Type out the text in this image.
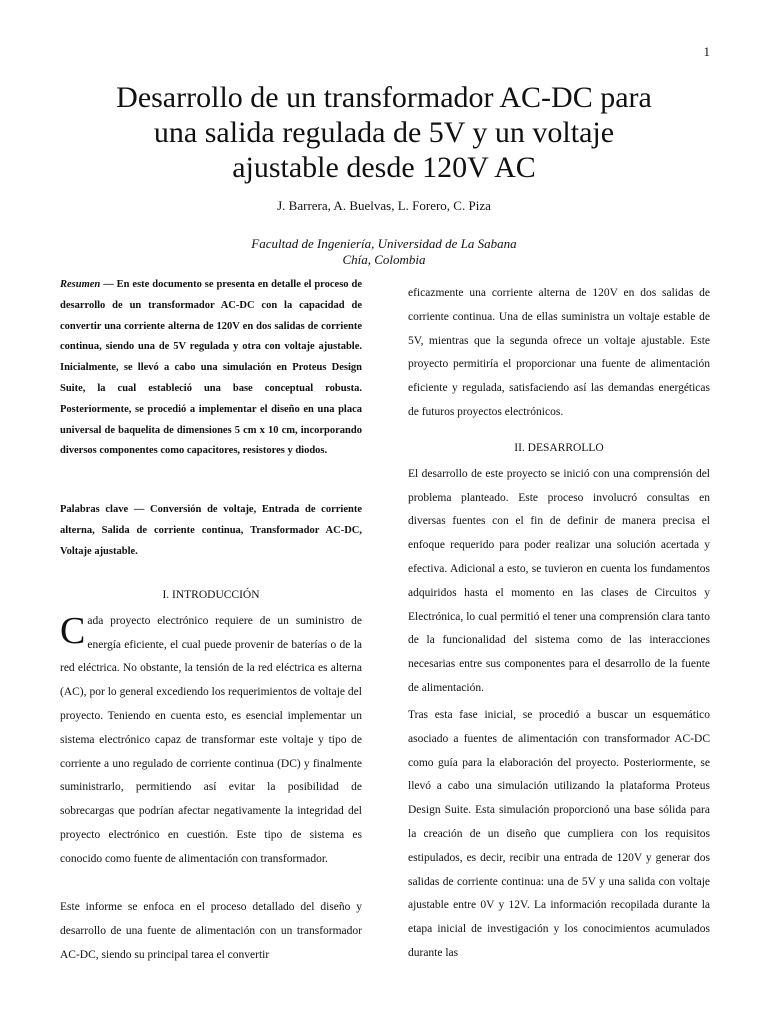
1
Desarrollo de un transformador AC-DC para
una salida regulada de 5V y un voltaje
ajustable desde 120V AC
J. Barrera, A. Buelvas, L. Forero, C. Piza
Facultad de Ingeniería, Universidad de La Sabana
Chía, Colombia

Resumen — En este documento se presenta en detalle el proceso de desarrollo de un transformador AC-DC con la capacidad de convertir una corriente alterna de 120V en dos salidas de corriente continua, siendo una de 5V regulada y otra con voltaje ajustable. Inicialmente, se llevó a cabo una simulación en Proteus Design Suite, la cual estableció una base conceptual robusta. Posteriormente, se procedió a implementar el diseño en una placa universal de baquelita de dimensiones 5 cm x 10 cm, incorporando diversos componentes como capacitores, resistores y diodos.

Palabras clave — Conversión de voltaje, Entrada de corriente alterna, Salida de corriente continua, Transformador AC-DC, Voltaje ajustable.

I. INTRODUCCIÓN

Cada proyecto electrónico requiere de un suministro de energía eficiente, el cual puede provenir de baterías o de la red eléctrica. No obstante, la tensión de la red eléctrica es alterna (AC), por lo general excediendo los requerimientos de voltaje del proyecto. Teniendo en cuenta esto, es esencial implementar un sistema electrónico capaz de transformar este voltaje y tipo de corriente a uno regulado de corriente continua (DC) y finalmente suministrarlo, permitiendo así evitar la posibilidad de sobrecargas que podrían afectar negativamente la integridad del proyecto electrónico en cuestión. Este tipo de sistema es conocido como fuente de alimentación con transformador.

Este informe se enfoca en el proceso detallado del diseño y desarrollo de una fuente de alimentación con un transformador AC-DC, siendo su principal tarea el convertir

eficazmente una corriente alterna de 120V en dos salidas de corriente continua. Una de ellas suministra un voltaje estable de 5V, mientras que la segunda ofrece un voltaje ajustable. Este proyecto permitiría el proporcionar una fuente de alimentación eficiente y regulada, satisfaciendo así las demandas energéticas de futuros proyectos electrónicos.

II. DESARROLLO

El desarrollo de este proyecto se inició con una comprensión del problema planteado. Este proceso involucró consultas en diversas fuentes con el fin de definir de manera precisa el enfoque requerido para poder realizar una solución acertada y efectiva. Adicional a esto, se tuvieron en cuenta los fundamentos adquiridos hasta el momento en las clases de Circuitos y Electrónica, lo cual permitió el tener una comprensión clara tanto de la funcionalidad del sistema como de las interacciones necesarias entre sus componentes para el desarrollo de la fuente de alimentación.

Tras esta fase inicial, se procedió a buscar un esquemático asociado a fuentes de alimentación con transformador AC-DC como guía para la elaboración del proyecto. Posteriormente, se llevó a cabo una simulación utilizando la plataforma Proteus Design Suite. Esta simulación proporcionó una base sólida para la creación de un diseño que cumpliera con los requisitos estipulados, es decir, recibir una entrada de 120V y generar dos salidas de corriente continua: una de 5V y una salida con voltaje ajustable entre 0V y 12V. La información recopilada durante la etapa inicial de investigación y los conocimientos acumulados durante las
